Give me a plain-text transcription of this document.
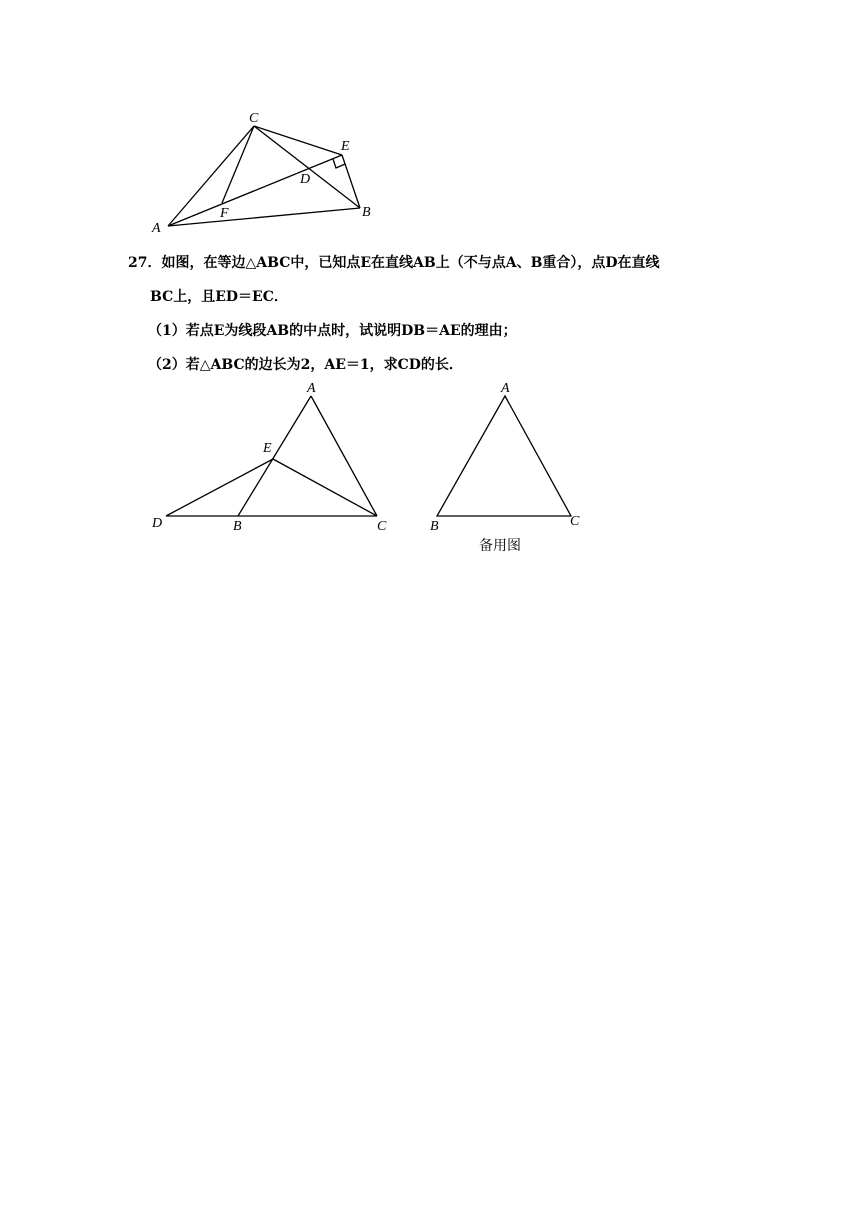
C
E
D
F
A
B
27．如图，在等边△ABC中，已知点E在直线AB上（不与点A、B重合），点D在直线
BC上，且ED＝EC．
（1）若点E为线段AB的中点时，试说明DB＝AE的理由；
（2）若△ABC的边长为2，AE＝1，求CD的长．
A
E
D	B	C
A
B	C
备用图
